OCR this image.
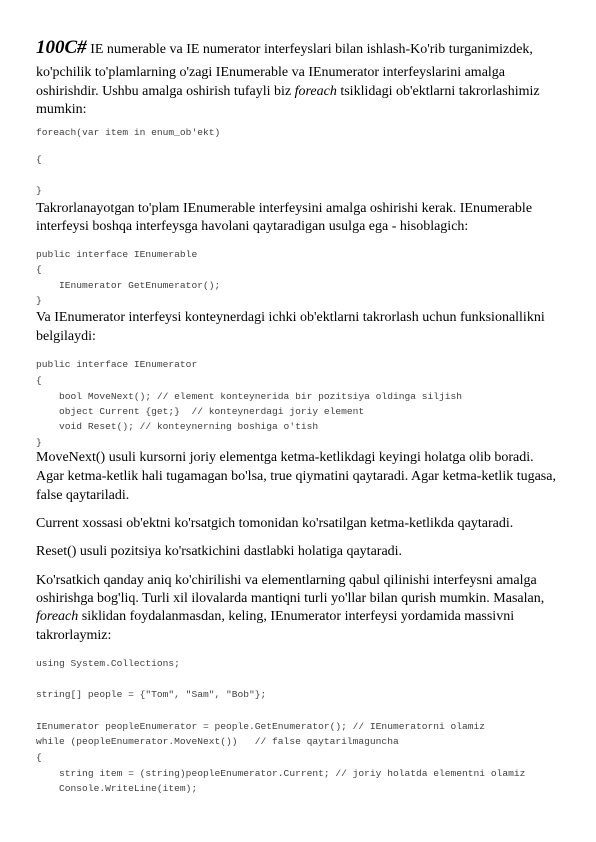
100C# IE numerable va IE numerator interfeyslari bilan ishlash-Ko'rib turganimizdek,
ko'pchilik to'plamlarning o'zagi IEnumerable va IEnumerator interfeyslarini amalga
oshirishdir. Ushbu amalga oshirish tufayli biz foreach tsiklidagi ob'ektlarni takrorlashimiz
mumkin:
foreach(var item in enum_ob'ekt)
{
}
Takrorlanayotgan to'plam IEnumerable interfeysini amalga oshirishi kerak. IEnumerable
interfeysi boshqa interfeysga havolani qaytaradigan usulga ega - hisoblagich:
public interface IEnumerable
{
IEnumerator GetEnumerator();
}
Va IEnumerator interfeysi konteynerdagi ichki ob'ektlarni takrorlash uchun funksionallikni
belgilaydi:
public interface IEnumerator
{
bool MoveNext(); // element konteynerida bir pozitsiya oldinga siljish
object Current {get;}  // konteynerdagi joriy element
void Reset(); // konteynerning boshiga o'tish
}
MoveNext() usuli kursorni joriy elementga ketma-ketlikdagi keyingi holatga olib boradi.
Agar ketma-ketlik hali tugamagan bo'lsa, true qiymatini qaytaradi. Agar ketma-ketlik tugasa,
false qaytariladi.
Current xossasi ob'ektni ko'rsatgich tomonidan ko'rsatilgan ketma-ketlikda qaytaradi.
Reset() usuli pozitsiya ko'rsatkichini dastlabki holatiga qaytaradi.
Ko'rsatkich qanday aniq ko'chirilishi va elementlarning qabul qilinishi interfeysni amalga
oshirishga bog'liq. Turli xil ilovalarda mantiqni turli yo'llar bilan qurish mumkin. Masalan,
foreach siklidan foydalanmasdan, keling, IEnumerator interfeysi yordamida massivni
takrorlaymiz:
using System.Collections;
string[] people = {"Tom", "Sam", "Bob"};
IEnumerator peopleEnumerator = people.GetEnumerator(); // IEnumeratorni olamiz
while (peopleEnumerator.MoveNext())   // false qaytarilmaguncha
{
string item = (string)peopleEnumerator.Current; // joriy holatda elementni olamiz
Console.WriteLine(item);
